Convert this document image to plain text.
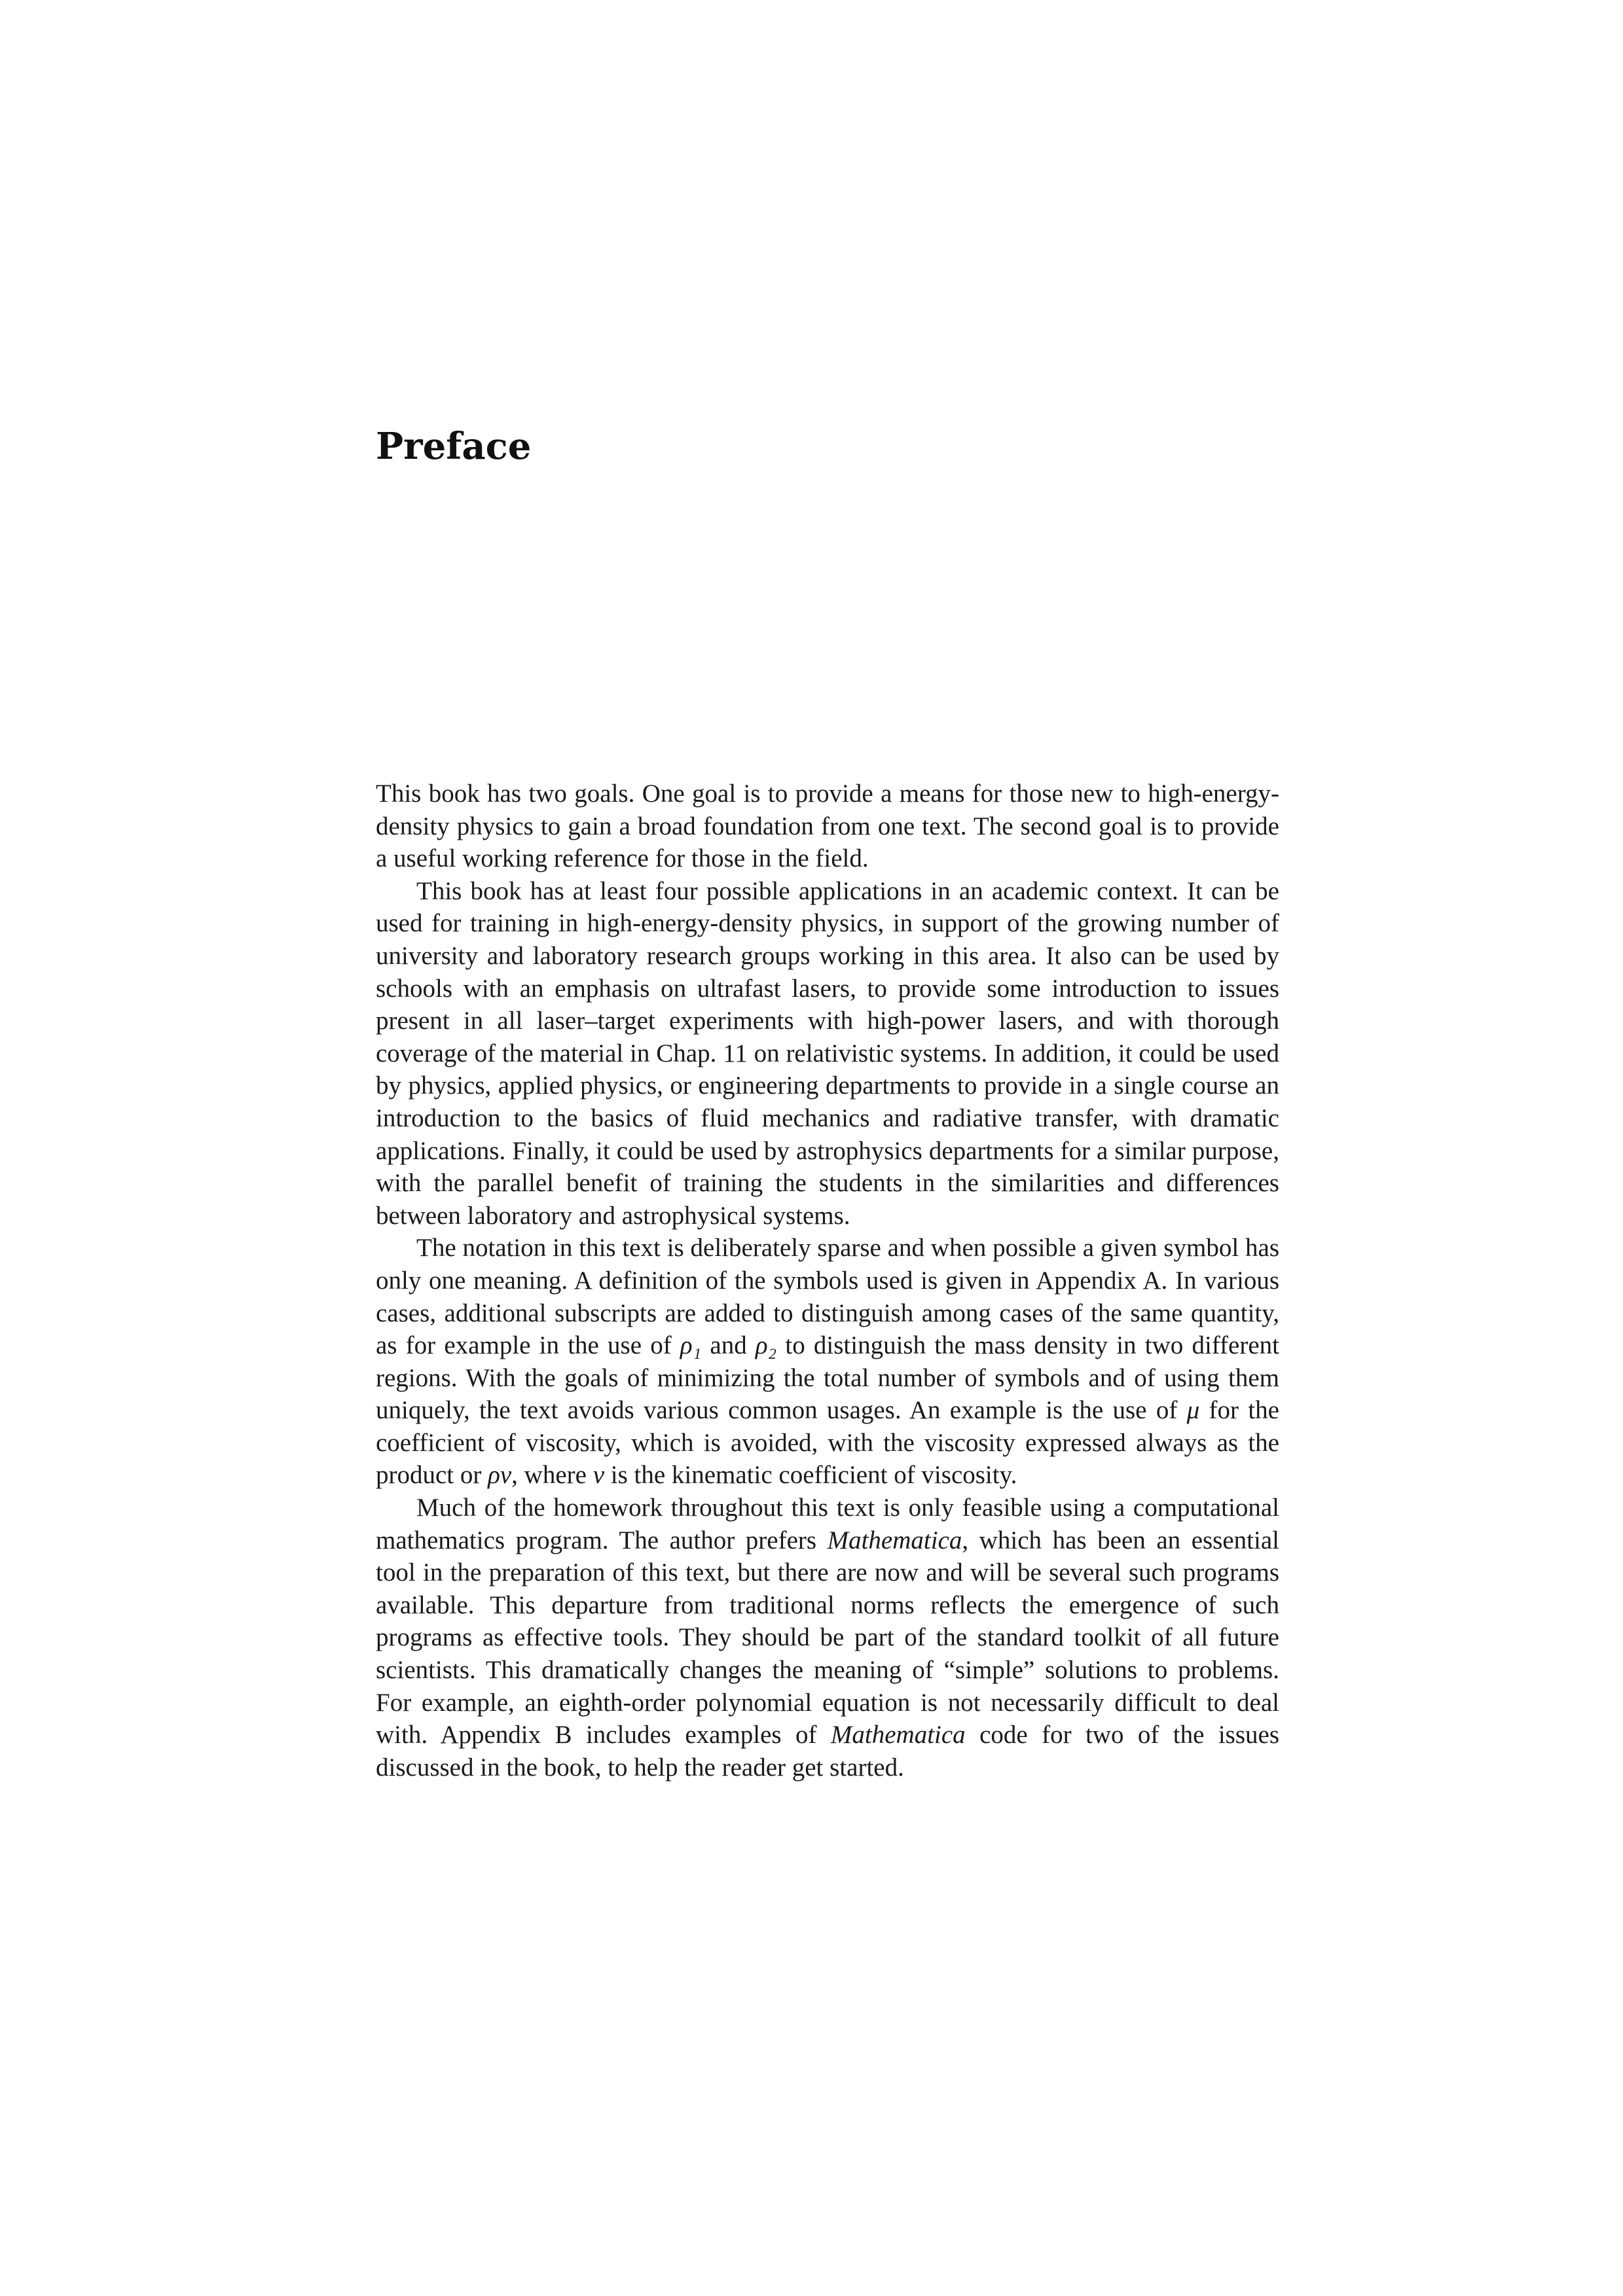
Preface

This book has two goals. One goal is to provide a means for those new to high-energy-density physics to gain a broad foundation from one text. The second goal is to provide a useful working reference for those in the field.

This book has at least four possible applications in an academic context. It can be used for training in high-energy-density physics, in support of the growing number of university and laboratory research groups working in this area. It also can be used by schools with an emphasis on ultrafast lasers, to provide some introduction to issues present in all laser–target experiments with high-power lasers, and with thorough coverage of the material in Chap. 11 on relativistic systems. In addition, it could be used by physics, applied physics, or engineering departments to provide in a single course an introduction to the basics of fluid mechanics and radiative transfer, with dramatic applications. Finally, it could be used by astrophysics departments for a similar purpose, with the parallel benefit of training the students in the similarities and differences between laboratory and astrophysical systems.

The notation in this text is deliberately sparse and when possible a given symbol has only one meaning. A definition of the symbols used is given in Appendix A. In various cases, additional subscripts are added to distinguish among cases of the same quantity, as for example in the use of ρ₁ and ρ₂ to distinguish the mass density in two different regions. With the goals of minimizing the total number of symbols and of using them uniquely, the text avoids various common usages. An example is the use of μ for the coefficient of viscosity, which is avoided, with the viscosity expressed always as the product or ρν, where ν is the kinematic coefficient of viscosity.

Much of the homework throughout this text is only feasible using a computational mathematics program. The author prefers Mathematica, which has been an essential tool in the preparation of this text, but there are now and will be several such programs available. This departure from traditional norms reflects the emergence of such programs as effective tools. They should be part of the standard toolkit of all future scientists. This dramatically changes the meaning of “simple” solutions to problems. For example, an eighth-order polynomial equation is not necessarily difficult to deal with. Appendix B includes examples of Mathematica code for two of the issues discussed in the book, to help the reader get started.
